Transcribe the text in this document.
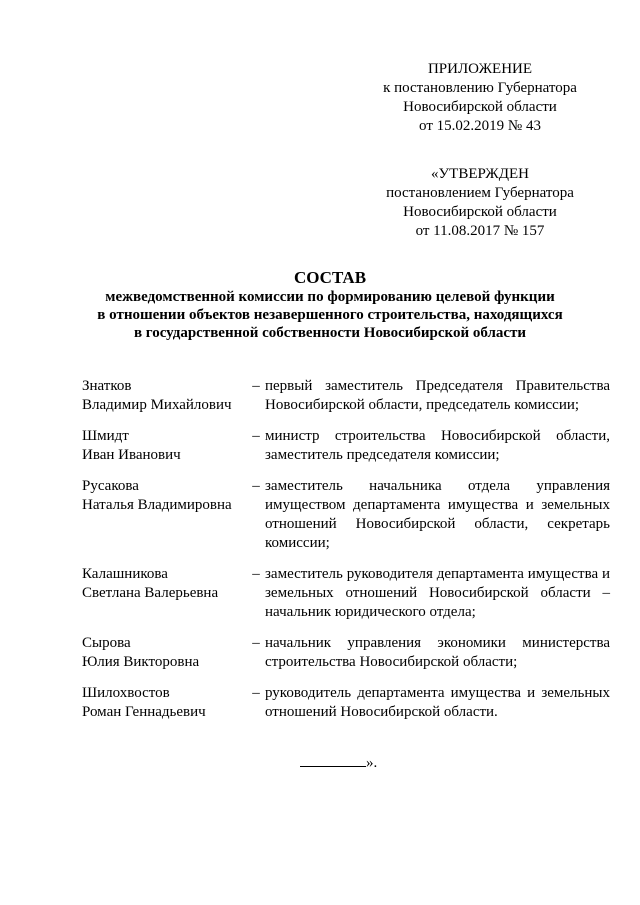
ПРИЛОЖЕНИЕ
к постановлению Губернатора
Новосибирской области
от 15.02.2019 № 43
«УТВЕРЖДЕН
постановлением Губернатора
Новосибирской области
от 11.08.2017 № 157
СОСТАВ
межведомственной комиссии по формированию целевой функции
в отношении объектов незавершенного строительства, находящихся
в государственной собственности Новосибирской области
Знатков
Владимир Михайлович
– первый заместитель Председателя Правительства Новосибирской области, председатель комиссии;
Шмидт
Иван Иванович
– министр строительства Новосибирской области, заместитель председателя комиссии;
Русакова
Наталья Владимировна
– заместитель начальника отдела управления имуществом департамента имущества и земельных отношений Новосибирской области, секретарь комиссии;
Калашникова
Светлана Валерьевна
– заместитель руководителя департамента имущества и земельных отношений Новосибирской области – начальник юридического отдела;
Сырова
Юлия Викторовна
– начальник управления экономики министерства строительства Новосибирской области;
Шилохвостов
Роман Геннадьевич
– руководитель департамента имущества и земельных отношений Новосибирской области.
».
